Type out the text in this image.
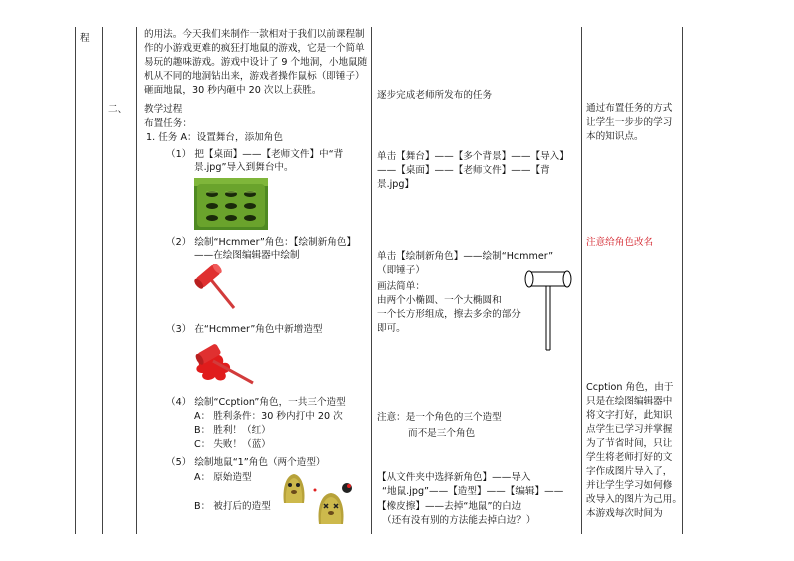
程	的用法。今天我们来制作一款相对于我们以前课程制
作的小游戏更难的疯狂打地鼠的游戏，它是一个简单
易玩的趣味游戏。游戏中设计了 9 个地洞，小地鼠随
机从不同的地洞钻出来，游戏者操作鼠标（即锤子）
砸面地鼠，30 秒内砸中 20 次以上获胜。
二、 教学过程
布置任务：
1. 任务 A：设置舞台，添加角色
（1） 把【桌面】——【老师文件】中“背
景.jpg”导入到舞台中。
（2） 绘制“Hcmmer”角色：【绘制新角色】
——在绘图编辑器中绘制
（3） 在“Hcmmer”角色中新增造型
（4） 绘制“Ccption”角色，一共三个造型
A： 胜利条件：30 秒内打中 20 次
B： 胜利！（红）
C： 失败！（蓝）
（5） 绘制地鼠“1”角色（两个造型）
A： 原始造型
B： 被打后的造型
逐步完成老师所发布的任务
单击【舞台】——【多个背景】——【导入】
——【桌面】——【老师文件】——【背
景.jpg】
单击【绘制新角色】——绘制“Hcmmer”
（即锤子）
画法简单：
由两个小椭圆、一个大椭圆和
一个长方形组成，擦去多余的部分
即可。
注意：是一个角色的三个造型
而不是三个角色
【从文件夹中选择新角色】——导入
“地鼠.jpg”——【造型】——【编辑】——
【橡皮擦】——去掉“地鼠”的白边
（还有没有别的方法能去掉白边？）
通过布置任务的方式
让学生一步步的学习
本的知识点。
注意给角色改名
Ccption 角色，由于
只是在绘图编辑器中
将文字打好，此知识
点学生已学习并掌握
为了节省时间，只让
学生将老师打好的文
字作成图片导入了，
并让学生学习如何修
改导入的图片为己用。
本游戏每次时间为
